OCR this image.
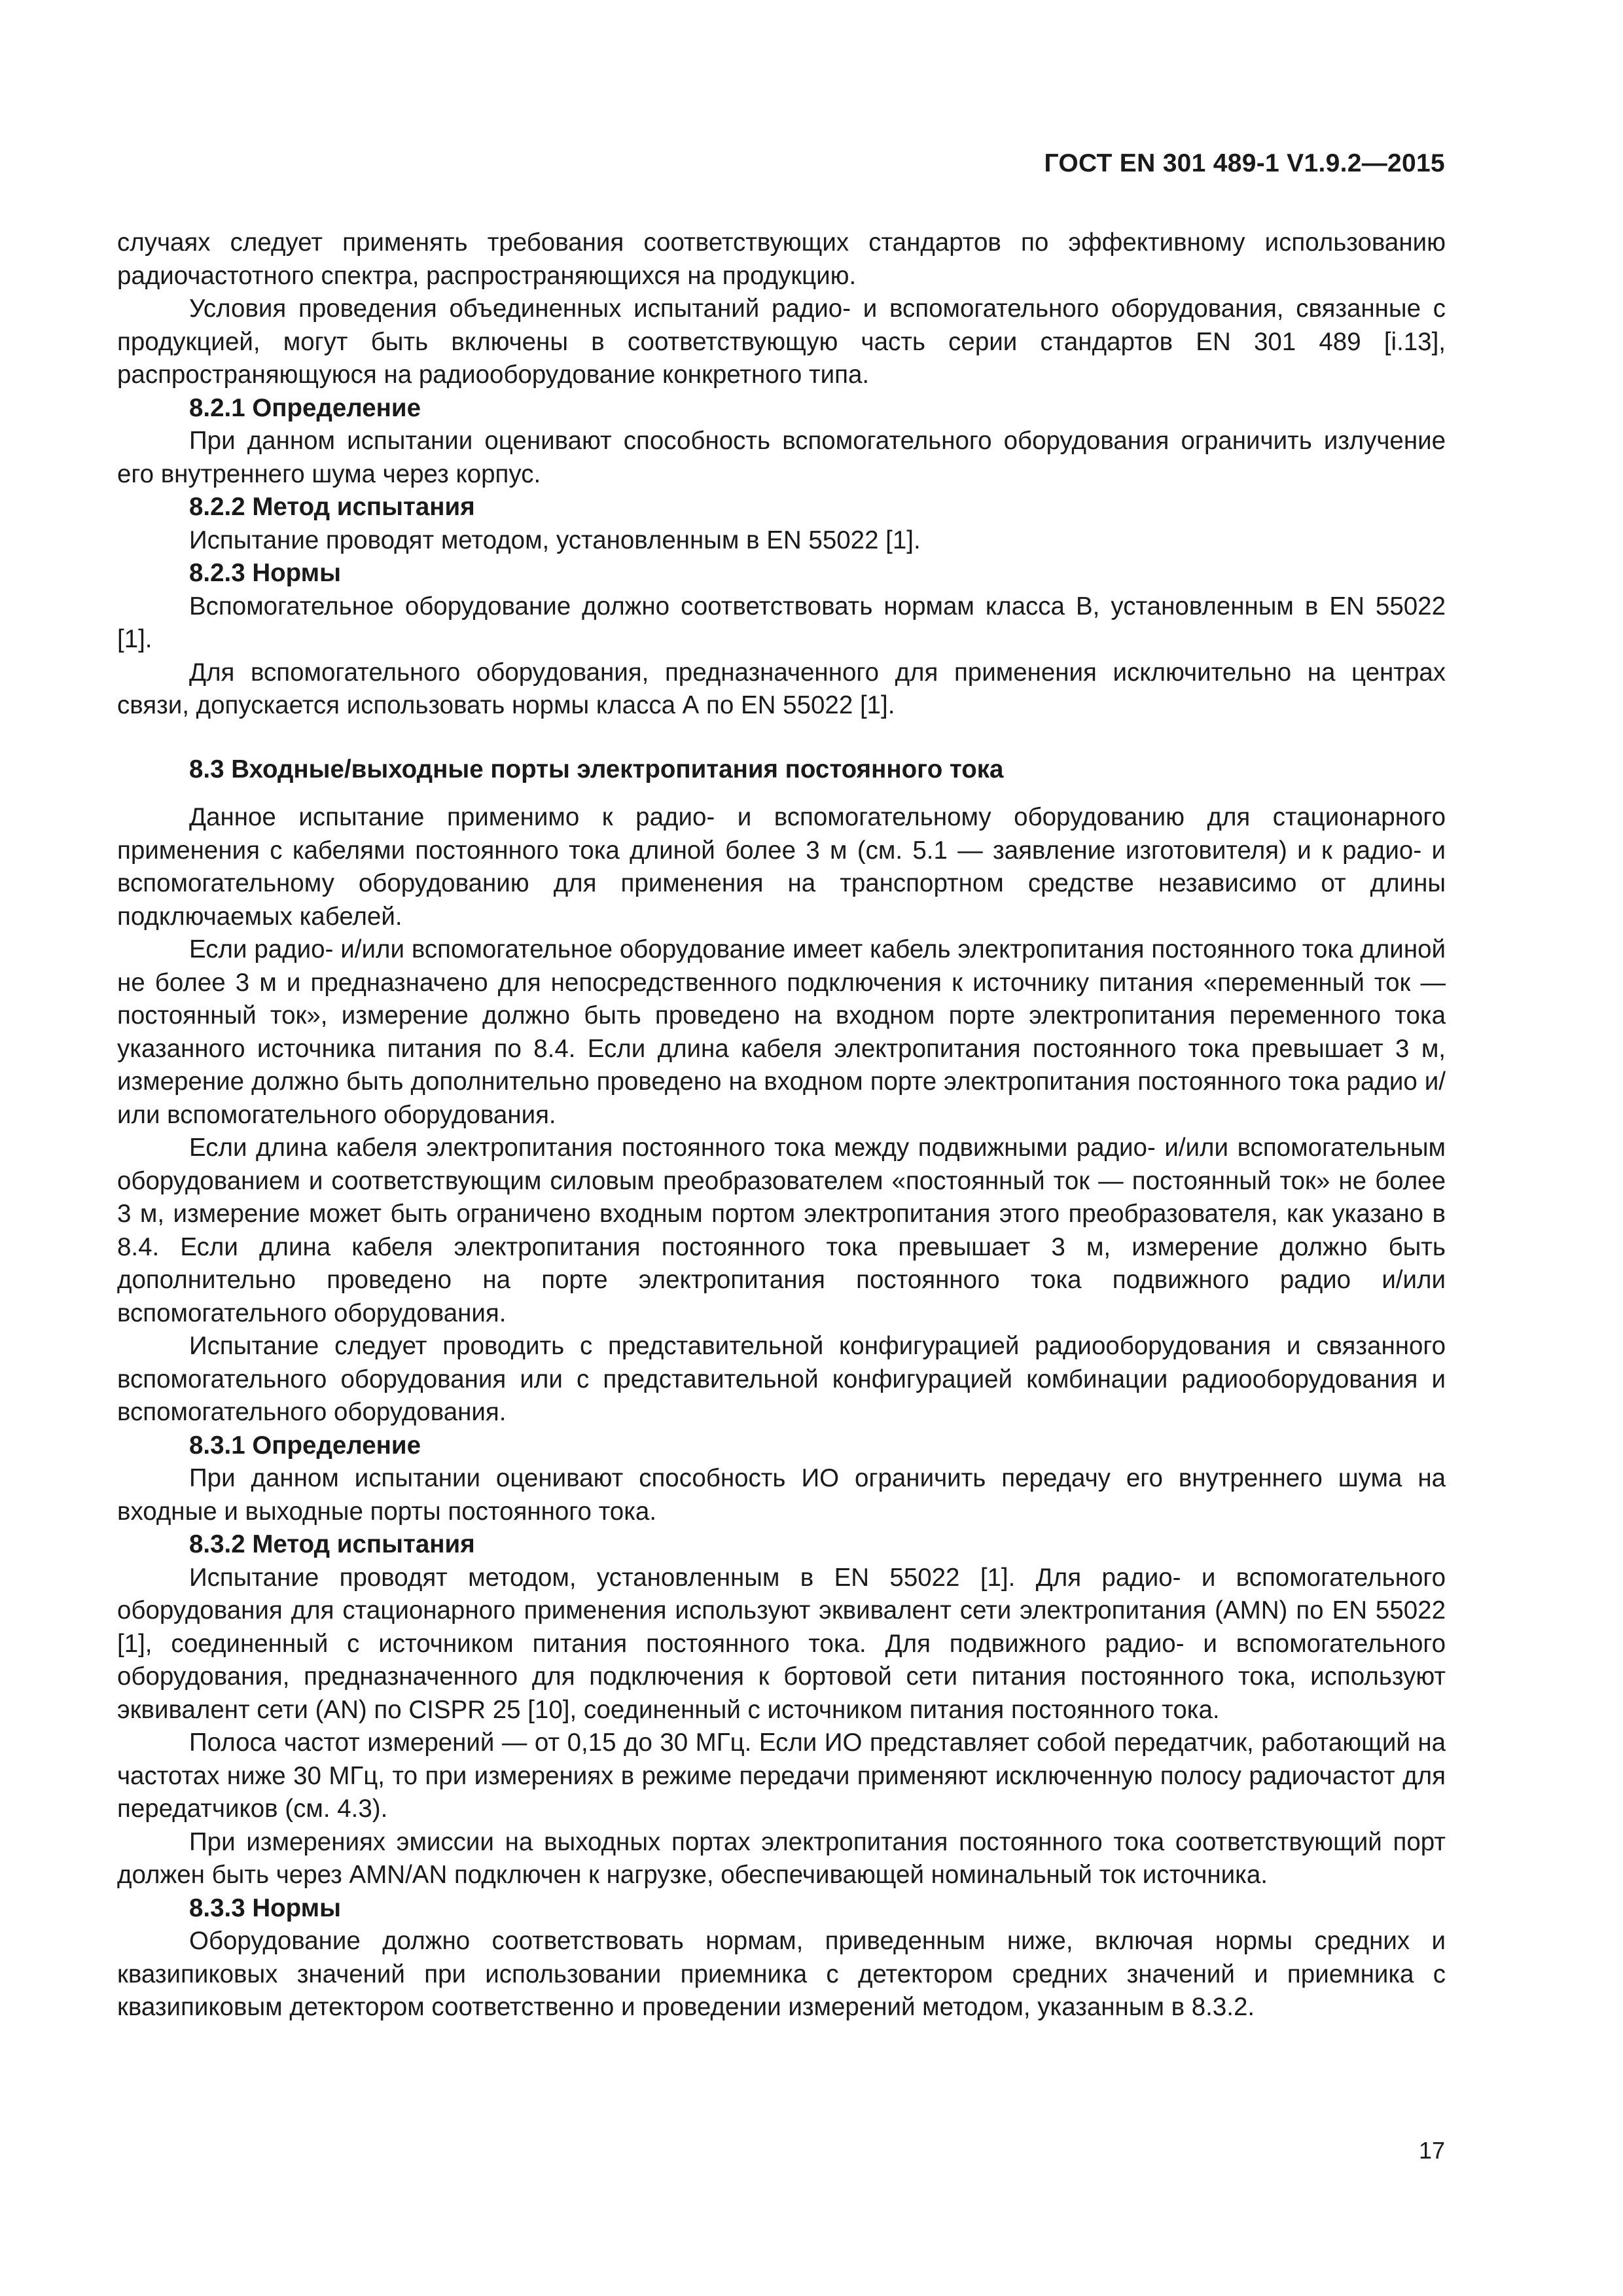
ГОСТ EN 301 489-1 V1.9.2—2015

случаях следует применять требования соответствующих стандартов по эффективному использованию радиочастотного спектра, распространяющихся на продукцию.

Условия проведения объединенных испытаний радио- и вспомогательного оборудования, связанные с продукцией, могут быть включены в соответствующую часть серии стандартов EN 301 489 [i.13], распространяющуюся на радиооборудование конкретного типа.

8.2.1 Определение

При данном испытании оценивают способность вспомогательного оборудования ограничить излучение его внутреннего шума через корпус.

8.2.2 Метод испытания

Испытание проводят методом, установленным в EN 55022 [1].

8.2.3 Нормы

Вспомогательное оборудование должно соответствовать нормам класса В, установленным в EN 55022 [1].

Для вспомогательного оборудования, предназначенного для применения исключительно на центрах связи, допускается использовать нормы класса А по EN 55022 [1].

8.3 Входные/выходные порты электропитания постоянного тока

Данное испытание применимо к радио- и вспомогательному оборудованию для стационарного применения с кабелями постоянного тока длиной более 3 м (см. 5.1 — заявление изготовителя) и к радио- и вспомогательному оборудованию для применения на транспортном средстве независимо от длины подключаемых кабелей.

Если радио- и/или вспомогательное оборудование имеет кабель электропитания постоянного тока длиной не более 3 м и предназначено для непосредственного подключения к источнику питания «переменный ток — постоянный ток», измерение должно быть проведено на входном порте электропитания переменного тока указанного источника питания по 8.4. Если длина кабеля электропитания постоянного тока превышает 3 м, измерение должно быть дополнительно проведено на входном порте электропитания постоянного тока радио и/или вспомогательного оборудования.

Если длина кабеля электропитания постоянного тока между подвижными радио- и/или вспомогательным оборудованием и соответствующим силовым преобразователем «постоянный ток — постоянный ток» не более 3 м, измерение может быть ограничено входным портом электропитания этого преобразователя, как указано в 8.4. Если длина кабеля электропитания постоянного тока превышает 3 м, измерение должно быть дополнительно проведено на порте электропитания постоянного тока подвижного радио и/или вспомогательного оборудования.

Испытание следует проводить с представительной конфигурацией радиооборудования и связанного вспомогательного оборудования или с представительной конфигурацией комбинации радиооборудования и вспомогательного оборудования.

8.3.1 Определение

При данном испытании оценивают способность ИО ограничить передачу его внутреннего шума на входные и выходные порты постоянного тока.

8.3.2 Метод испытания

Испытание проводят методом, установленным в EN 55022 [1]. Для радио- и вспомогательного оборудования для стационарного применения используют эквивалент сети электропитания (AMN) по EN 55022 [1], соединенный с источником питания постоянного тока. Для подвижного радио- и вспомогательного оборудования, предназначенного для подключения к бортовой сети питания постоянного тока, используют эквивалент сети (AN) по CISPR 25 [10], соединенный с источником питания постоянного тока.

Полоса частот измерений — от 0,15 до 30 МГц. Если ИО представляет собой передатчик, работающий на частотах ниже 30 МГц, то при измерениях в режиме передачи применяют исключенную полосу радиочастот для передатчиков (см. 4.3).

При измерениях эмиссии на выходных портах электропитания постоянного тока соответствующий порт должен быть через AMN/AN подключен к нагрузке, обеспечивающей номинальный ток источника.

8.3.3 Нормы

Оборудование должно соответствовать нормам, приведенным ниже, включая нормы средних и квазипиковых значений при использовании приемника с детектором средних значений и приемника с квазипиковым детектором соответственно и проведении измерений методом, указанным в 8.3.2.

17
